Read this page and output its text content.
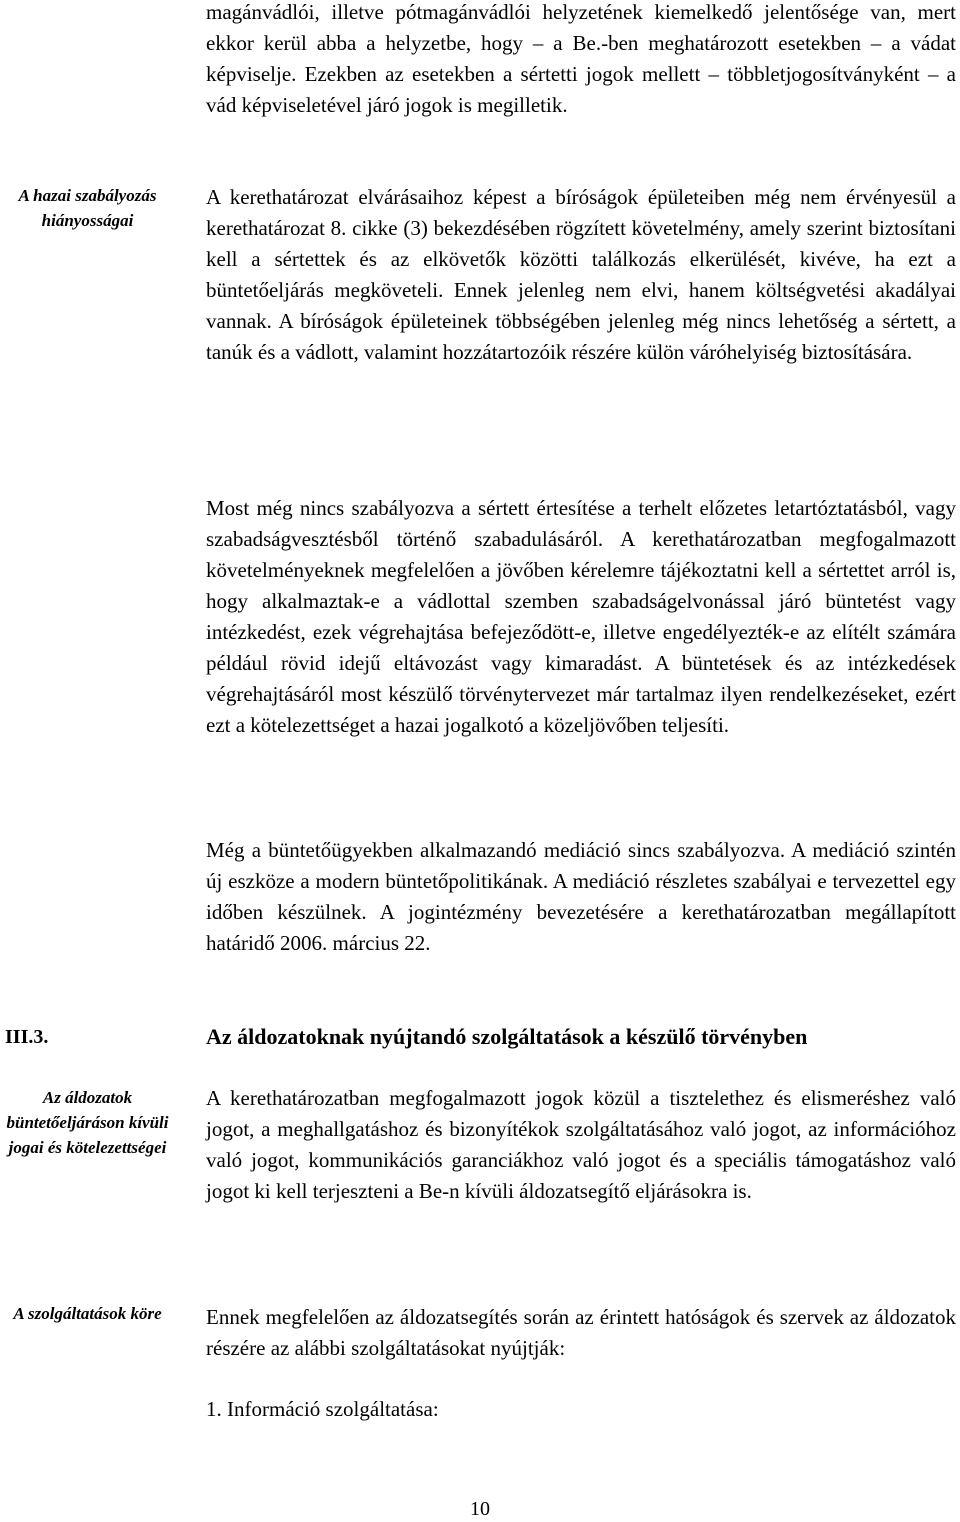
magánvádlói, illetve pótmagánvádlói helyzetének kiemelkedő jelentősége van, mert ekkor kerül abba a helyzetbe, hogy – a Be.-ben meghatározott esetekben – a vádat képviselje. Ezekben az esetekben a sértetti jogok mellett – többletjogosítványként – a vád képviseletével járó jogok is megilletik.

A hazai szabályozás hiányosságai

A kerethatározat elvárásaihoz képest a bíróságok épületeiben még nem érvényesül a kerethatározat 8. cikke (3) bekezdésében rögzített követelmény, amely szerint biztosítani kell a sértettek és az elkövetők közötti találkozás elkerülését, kivéve, ha ezt a büntetőeljárás megköveteli. Ennek jelenleg nem elvi, hanem költségvetési akadályai vannak. A bíróságok épületeinek többségében jelenleg még nincs lehetőség a sértett, a tanúk és a vádlott, valamint hozzátartozóik részére külön váróhelyiség biztosítására.

Most még nincs szabályozva a sértett értesítése a terhelt előzetes letartóztatásból, vagy szabadságvesztésből történő szabadulásáról. A kerethatározatban megfogalmazott követelményeknek megfelelően a jövőben kérelemre tájékoztatni kell a sértettet arról is, hogy alkalmaztak-e a vádlottal szemben szabadságelvonással járó büntetést vagy intézkedést, ezek végrehajtása befejeződött-e, illetve engedélyezték-e az elítélt számára például rövid idejű eltávozást vagy kimaradást. A büntetések és az intézkedések végrehajtásáról most készülő törvénytervezet már tartalmaz ilyen rendelkezéseket, ezért ezt a kötelezettséget a hazai jogalkotó a közeljövőben teljesíti.

Még a büntetőügyekben alkalmazandó mediáció sincs szabályozva. A mediáció szintén új eszköze a modern büntetőpolitikának. A mediáció részletes szabályai e tervezettel egy időben készülnek. A jogintézmény bevezetésére a kerethatározatban megállapított határidő 2006. március 22.

III.3.	Az áldozatoknak nyújtandó szolgáltatások a készülő törvényben

Az áldozatok büntetőeljáráson kívüli jogai és kötelezettségei

A kerethatározatban megfogalmazott jogok közül a tisztelethez és elismeréshez való jogot, a meghallgatáshoz és bizonyítékok szolgáltatásához való jogot, az információhoz való jogot, kommunikációs garanciákhoz való jogot és a speciális támogatáshoz való jogot ki kell terjeszteni a Be-n kívüli áldozatsegítő eljárásokra is.

A szolgáltatások köre	Ennek megfelelően az áldozatsegítés során az érintett hatóságok és szervek az áldozatok részére az alábbi szolgáltatásokat nyújtják:

1. Információ szolgáltatása:

10
